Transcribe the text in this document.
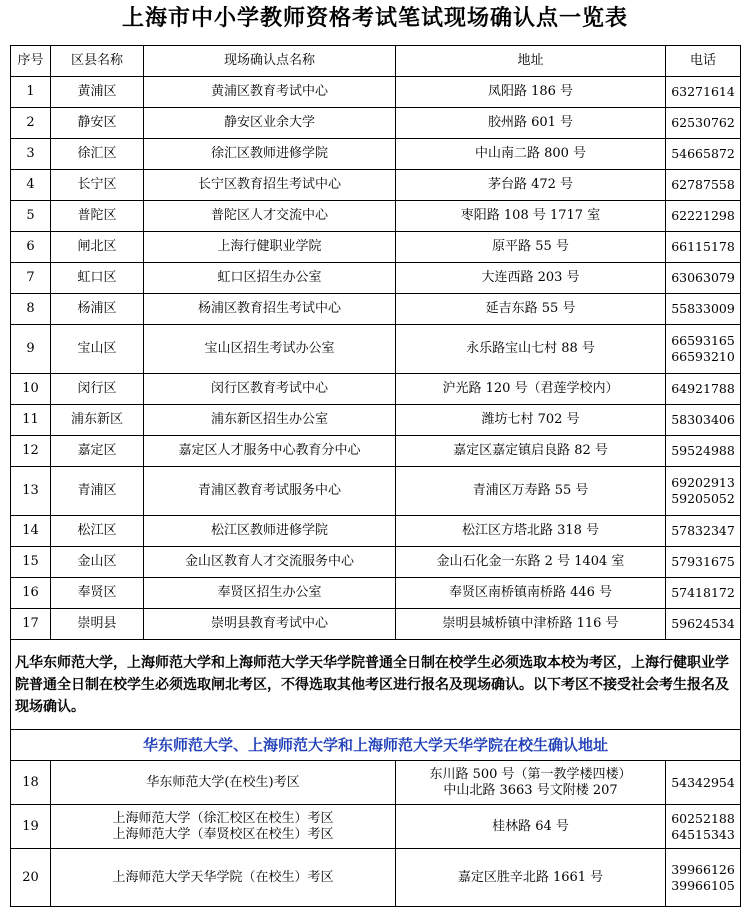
上海市中小学教师资格考试笔试现场确认点一览表
序号	区县名称	现场确认点名称	地址	电话
1	黄浦区	黄浦区教育考试中心	凤阳路 186 号	63271614

2	静安区	静安区业余大学	胶州路 601 号	62530762

3	徐汇区	徐汇区教师进修学院	中山南二路 800 号	54665872

4	长宁区	长宁区教育招生考试中心	茅台路 472 号	62787558

5	普陀区	普陀区人才交流中心	枣阳路 108 号 1717 室	62221298

6	闸北区	上海行健职业学院	原平路 55 号	66115178

7	虹口区	虹口区招生办公室	大连西路 203 号	63063079

8	杨浦区	杨浦区教育招生考试中心	延吉东路 55 号	55833009

9	宝山区	宝山区招生考试办公室	永乐路宝山七村 88 号	66593165
66593210

10	闵行区	闵行区教育考试中心	沪光路 120 号（君莲学校内）	64921788

11	浦东新区	浦东新区招生办公室	潍坊七村 702 号	58303406

12	嘉定区	嘉定区人才服务中心教育分中心	嘉定区嘉定镇启良路 82 号	59524988

13	青浦区	青浦区教育考试服务中心	青浦区万寿路 55 号	69202913
59205052

14	松江区	松江区教师进修学院	松江区方塔北路 318 号	57832347

15	金山区	金山区教育人才交流服务中心	金山石化金一东路 2 号 1404 室	57931675

16	奉贤区	奉贤区招生办公室	奉贤区南桥镇南桥路 446 号	57418172

17	崇明县	崇明县教育考试中心	崇明县城桥镇中津桥路 116 号	59624534

凡华东师范大学，上海师范大学和上海师范大学天华学院普通全日制在校学生必须选取本校为考区，上海行健职业学院普通全日制在校学生必须选取闸北考区，不得选取其他考区进行报名及现场确认。以下考区不接受社会考生报名及现场确认。				
华东师范大学、上海师范大学和上海师范大学天华学院在校生确认地址				
18	华东师范大学(在校生)考区		东川路 500 号（第一教学楼四楼）
中山北路 3663 号文附楼 207	54342954

19	上海师范大学（徐汇校区在校生）考区
上海师范大学（奉贤校区在校生）考区		桂林路 64 号	60252188
64515343

20	上海师范大学天华学院（在校生）考区		嘉定区胜辛北路 1661 号	39966126
39966105
